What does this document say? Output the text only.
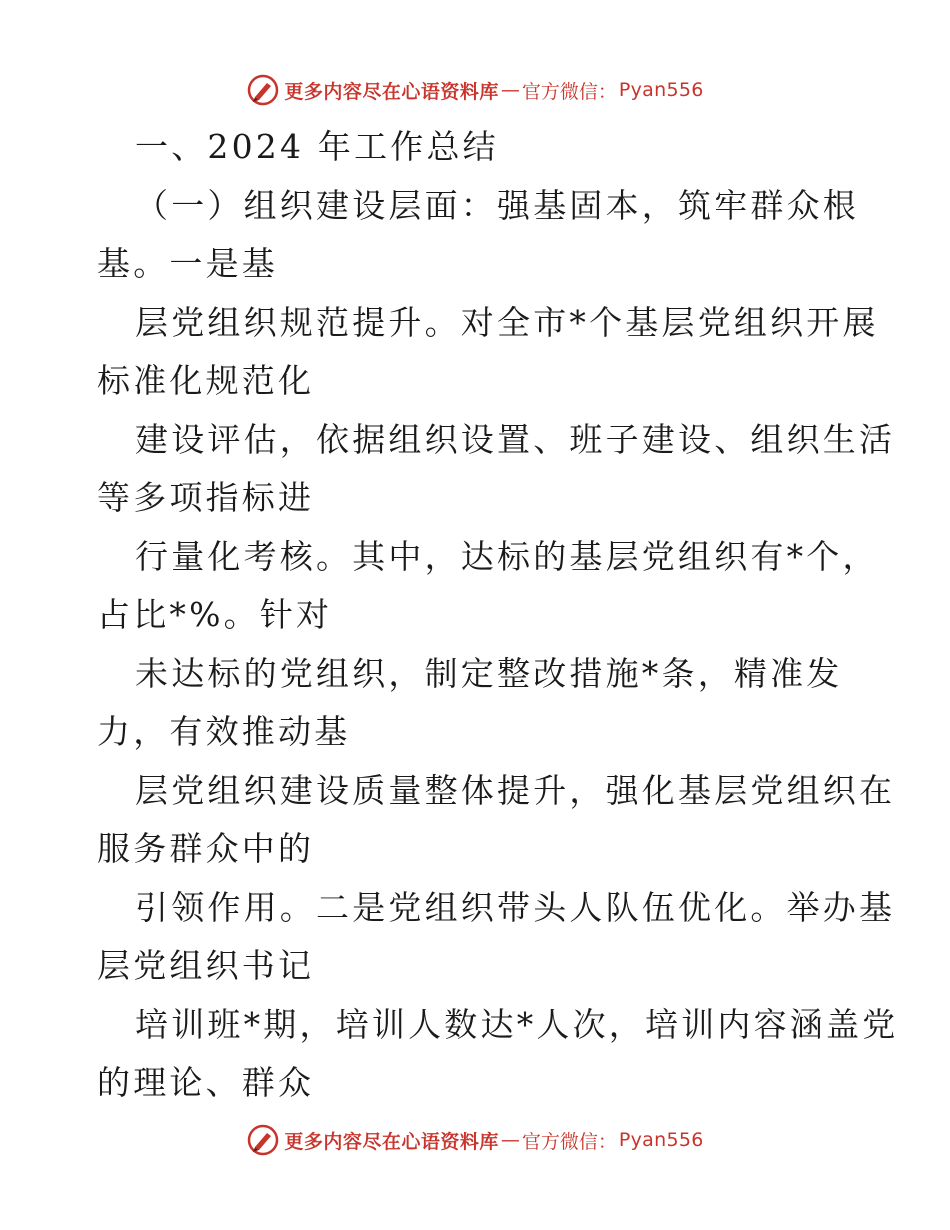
更多内容尽在心语资料库 — 官方微信： Pyan556
一、2024 年工作总结
（一）组织建设层面：强基固本，筑牢群众根
基。一是基
层党组织规范提升。对全市*个基层党组织开展
标准化规范化
建设评估，依据组织设置、班子建设、组织生活
等多项指标进
行量化考核。其中，达标的基层党组织有*个，
占比*%。针对
未达标的党组织，制定整改措施*条，精准发
力，有效推动基
层党组织建设质量整体提升，强化基层党组织在
服务群众中的
引领作用。二是党组织带头人队伍优化。举办基
层党组织书记
培训班*期，培训人数达*人次，培训内容涵盖党
的理论、群众
更多内容尽在心语资料库 — 官方微信： Pyan556
